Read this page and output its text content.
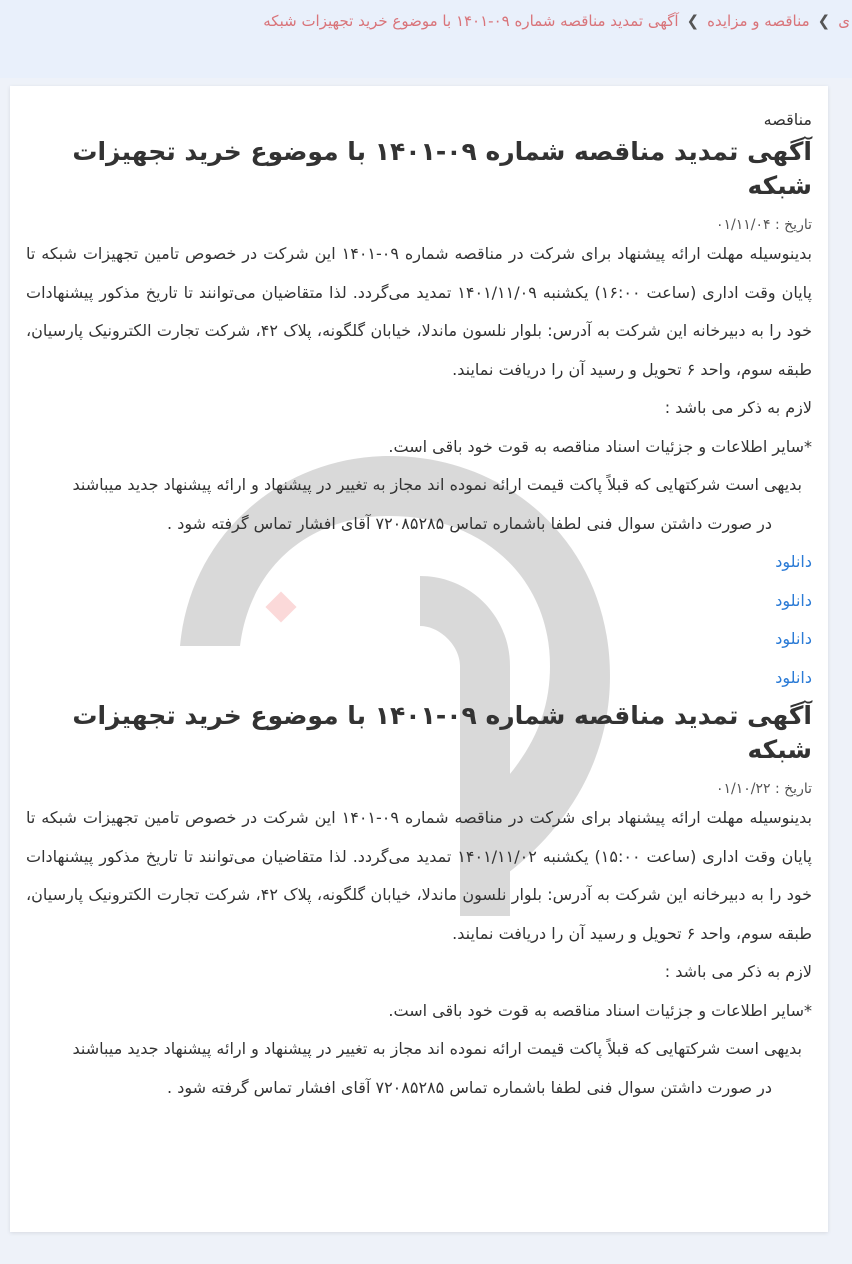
ی❯مناقصه و مزایده❯آگهی تمدید مناقصه شماره ۰۹-۱۴۰۱ با موضوع خرید تجهیزات شبکه
مناقصه
آگهی تمدید مناقصه شماره ۰۹-۱۴۰۱ با موضوع خرید تجهیزات شبکه
تاریخ : ۰۱/۱۱/۰۴

بدینوسیله مهلت ارائه پیشنهاد برای شرکت در مناقصه شماره ۰۹-۱۴۰۱ این شرکت در خصوص تامین تجهیزات شبکه تا پایان وقت اداری (ساعت ۱۶:۰۰) یکشنبه ۱۴۰۱/۱۱/۰۹ تمدید می‌گردد. لذا متقاضیان می‌توانند تا تاریخ مذکور پیشنهادات خود را به دبیرخانه این شرکت به آدرس: بلوار نلسون ماندلا، خیابان گلگونه، پلاک ۴۲، شرکت تجارت الکترونیک پارسیان، طبقه سوم، واحد ۶ تحویل و رسید آن را دریافت نمایند.

لازم به ذکر می باشد :

*سایر اطلاعات و جزئیات اسناد مناقصه به قوت خود باقی است.

بدیهی است شرکتهایی که قبلاً پاکت قیمت ارائه نموده اند مجاز به تغییر در پیشنهاد و ارائه پیشنهاد جدید میباشند

در صورت داشتن سوال فنی لطفا باشماره تماس ۷۲۰۸۵۲۸۵ آقای افشار تماس گرفته شود .

دانلود
دانلود
دانلود
دانلود
آگهی تمدید مناقصه شماره ۰۹-۱۴۰۱ با موضوع خرید تجهیزات شبکه
تاریخ : ۰۱/۱۰/۲۲

بدینوسیله مهلت ارائه پیشنهاد برای شرکت در مناقصه شماره ۰۹-۱۴۰۱ این شرکت در خصوص تامین تجهیزات شبکه تا پایان وقت اداری (ساعت ۱۵:۰۰) یکشنبه ۱۴۰۱/۱۱/۰۲ تمدید می‌گردد. لذا متقاضیان می‌توانند تا تاریخ مذکور پیشنهادات خود را به دبیرخانه این شرکت به آدرس: بلوار نلسون ماندلا، خیابان گلگونه، پلاک ۴۲، شرکت تجارت الکترونیک پارسیان، طبقه سوم، واحد ۶ تحویل و رسید آن را دریافت نمایند.

لازم به ذکر می باشد :

*سایر اطلاعات و جزئیات اسناد مناقصه به قوت خود باقی است.

بدیهی است شرکتهایی که قبلاً پاکت قیمت ارائه نموده اند مجاز به تغییر در پیشنهاد و ارائه پیشنهاد جدید میباشند

در صورت داشتن سوال فنی لطفا باشماره تماس ۷۲۰۸۵۲۸۵ آقای افشار تماس گرفته شود .
